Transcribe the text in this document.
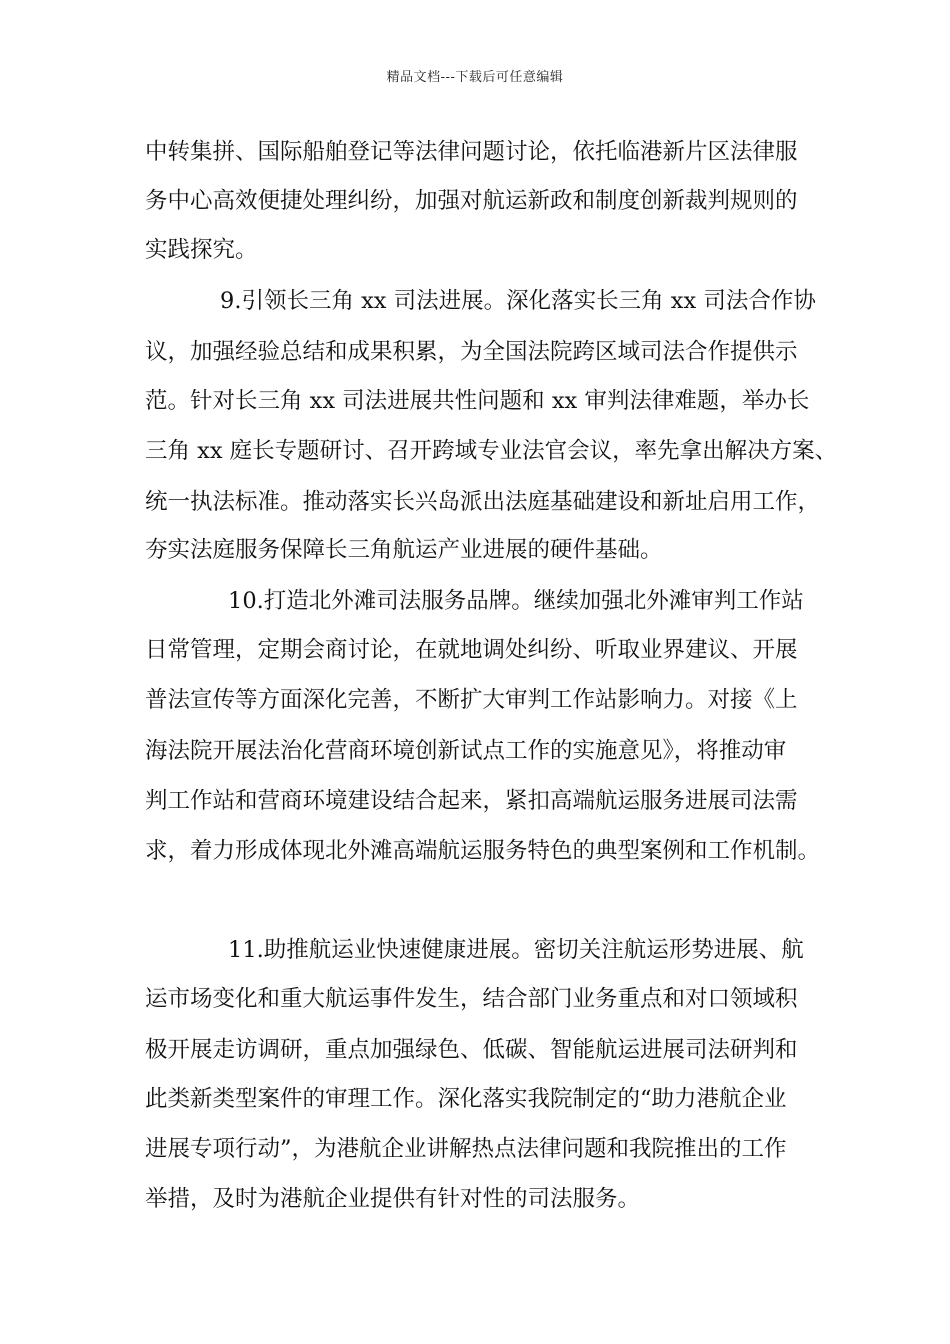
精品文档---下载后可任意编辑
中转集拼、国际船舶登记等法律问题讨论，依托临港新片区法律服
务中心高效便捷处理纠纷，加强对航运新政和制度创新裁判规则的
实践探究。
9.引领长三角 xx 司法进展。深化落实长三角 xx 司法合作协
议，加强经验总结和成果积累，为全国法院跨区域司法合作提供示
范。针对长三角 xx 司法进展共性问题和 xx 审判法律难题，举办长
三角 xx 庭长专题研讨、召开跨域专业法官会议，率先拿出解决方案、
统一执法标准。推动落实长兴岛派出法庭基础建设和新址启用工作，
夯实法庭服务保障长三角航运产业进展的硬件基础。
10.打造北外滩司法服务品牌。继续加强北外滩审判工作站
日常管理，定期会商讨论，在就地调处纠纷、听取业界建议、开展
普法宣传等方面深化完善，不断扩大审判工作站影响力。对接《上
海法院开展法治化营商环境创新试点工作的实施意见》，将推动审
判工作站和营商环境建设结合起来，紧扣高端航运服务进展司法需
求，着力形成体现北外滩高端航运服务特色的典型案例和工作机制。
11.助推航运业快速健康进展。密切关注航运形势进展、航
运市场变化和重大航运事件发生，结合部门业务重点和对口领域积
极开展走访调研，重点加强绿色、低碳、智能航运进展司法研判和
此类新类型案件的审理工作。深化落实我院制定的“助力港航企业
进展专项行动”，为港航企业讲解热点法律问题和我院推出的工作
举措，及时为港航企业提供有针对性的司法服务。
